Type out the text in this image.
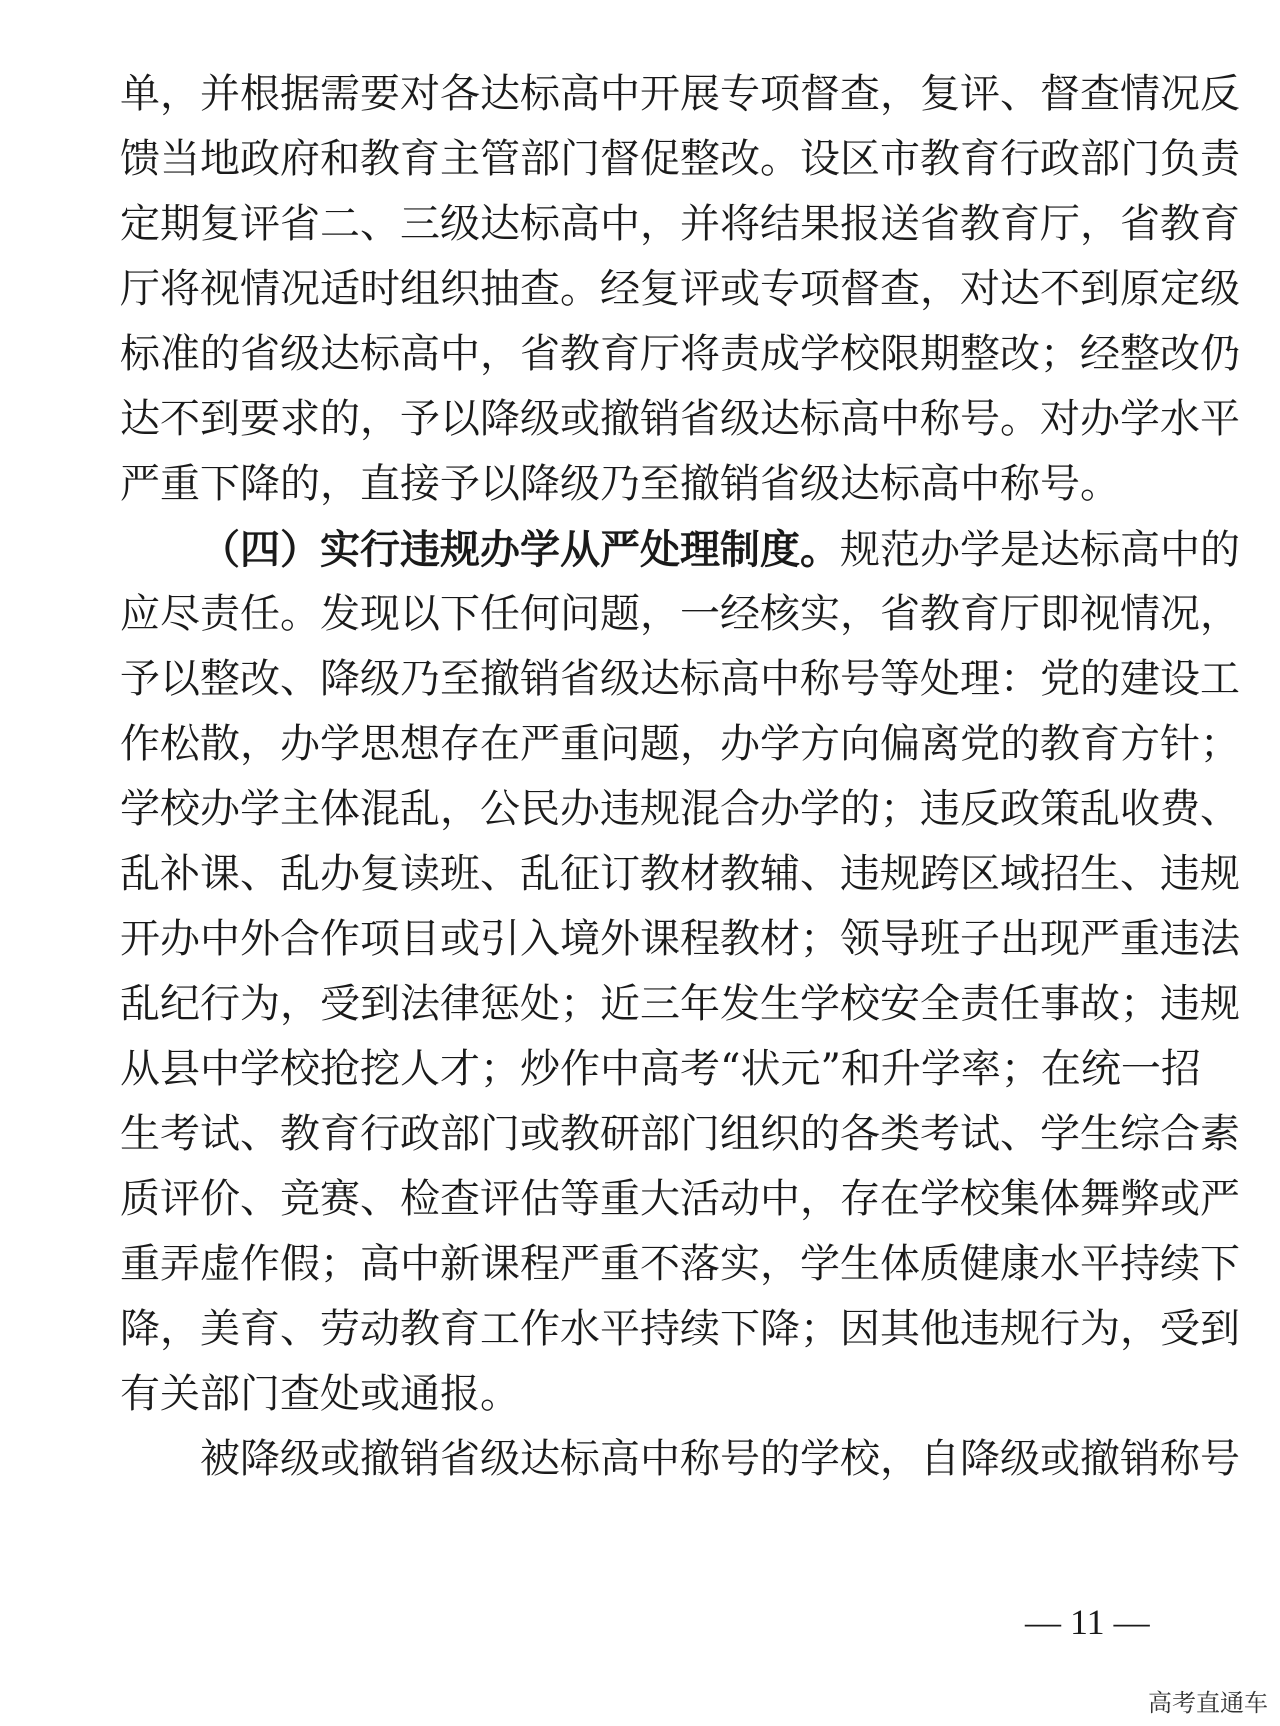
单，并根据需要对各达标高中开展专项督查，复评、督查情况反
馈当地政府和教育主管部门督促整改。设区市教育行政部门负责
定期复评省二、三级达标高中，并将结果报送省教育厅，省教育
厅将视情况适时组织抽查。经复评或专项督查，对达不到原定级
标准的省级达标高中，省教育厅将责成学校限期整改；经整改仍
达不到要求的，予以降级或撤销省级达标高中称号。对办学水平
严重下降的，直接予以降级乃至撤销省级达标高中称号。
（四）实行违规办学从严处理制度。规范办学是达标高中的
应尽责任。发现以下任何问题，一经核实，省教育厅即视情况，
予以整改、降级乃至撤销省级达标高中称号等处理：党的建设工
作松散，办学思想存在严重问题，办学方向偏离党的教育方针；
学校办学主体混乱，公民办违规混合办学的；违反政策乱收费、
乱补课、乱办复读班、乱征订教材教辅、违规跨区域招生、违规
开办中外合作项目或引入境外课程教材；领导班子出现严重违法
乱纪行为，受到法律惩处；近三年发生学校安全责任事故；违规
从县中学校抢挖人才；炒作中高考“状元”和升学率；在统一招
生考试、教育行政部门或教研部门组织的各类考试、学生综合素
质评价、竞赛、检查评估等重大活动中，存在学校集体舞弊或严
重弄虚作假；高中新课程严重不落实，学生体质健康水平持续下
降，美育、劳动教育工作水平持续下降；因其他违规行为，受到
有关部门查处或通报。
被降级或撤销省级达标高中称号的学校，自降级或撤销称号
— 11 —
高考直通车
